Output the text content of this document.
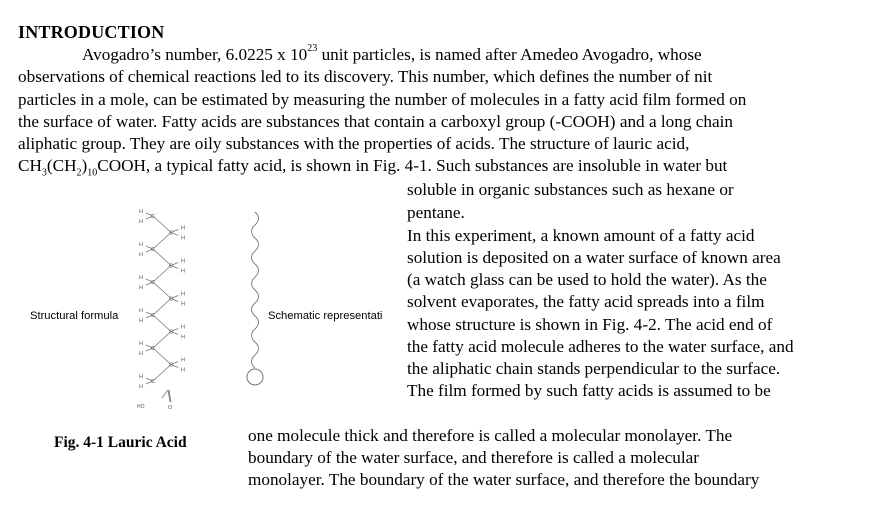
INTRODUCTION
Avogadro’s number, 6.0225 x $10^{23}$ unit particles, is named after Amedeo Avogadro, whose
observations of chemical reactions led to its discovery. This number, which defines the number of nit
particles in a mole, can be estimated by measuring the number of molecules in a fatty acid film formed on
the surface of water. Fatty acids are substances that contain a carboxyl group (-COOH) and a long chain
aliphatic group. They are oily substances with the properties of acids. The structure of lauric acid,
$CH_3(CH_2)_{10}COOH$, a typical fatty acid, is shown in Fig. 4-1. Such substances are insoluble in water but
soluble in organic substances such as hexane or
pentane.
In this experiment, a known amount of a fatty acid
solution is deposited on a water surface of known area
(a watch glass can be used to hold the water). As the
solvent evaporates, the fatty acid spreads into a film
whose structure is shown in Fig. 4-2. The acid end of
the fatty acid molecule adheres to the water surface, and
the aliphatic chain stands perpendicular to the surface.
The film formed by such fatty acids is assumed to be
one molecule thick and therefore is called a molecular monolayer. The
boundary of the water surface, and therefore is called a molecular
monolayer. The boundary of the water surface, and therefore the boundary
Structural formula	Schematic representati
Fig. 4-1 Lauric Acid
C
H
H
C
H
H
C
H
H
C
H
H
C
H
H
C
H
H
C
H
H
C
H
H
C
H
H
C
H
H
C
H
H
HO	O
